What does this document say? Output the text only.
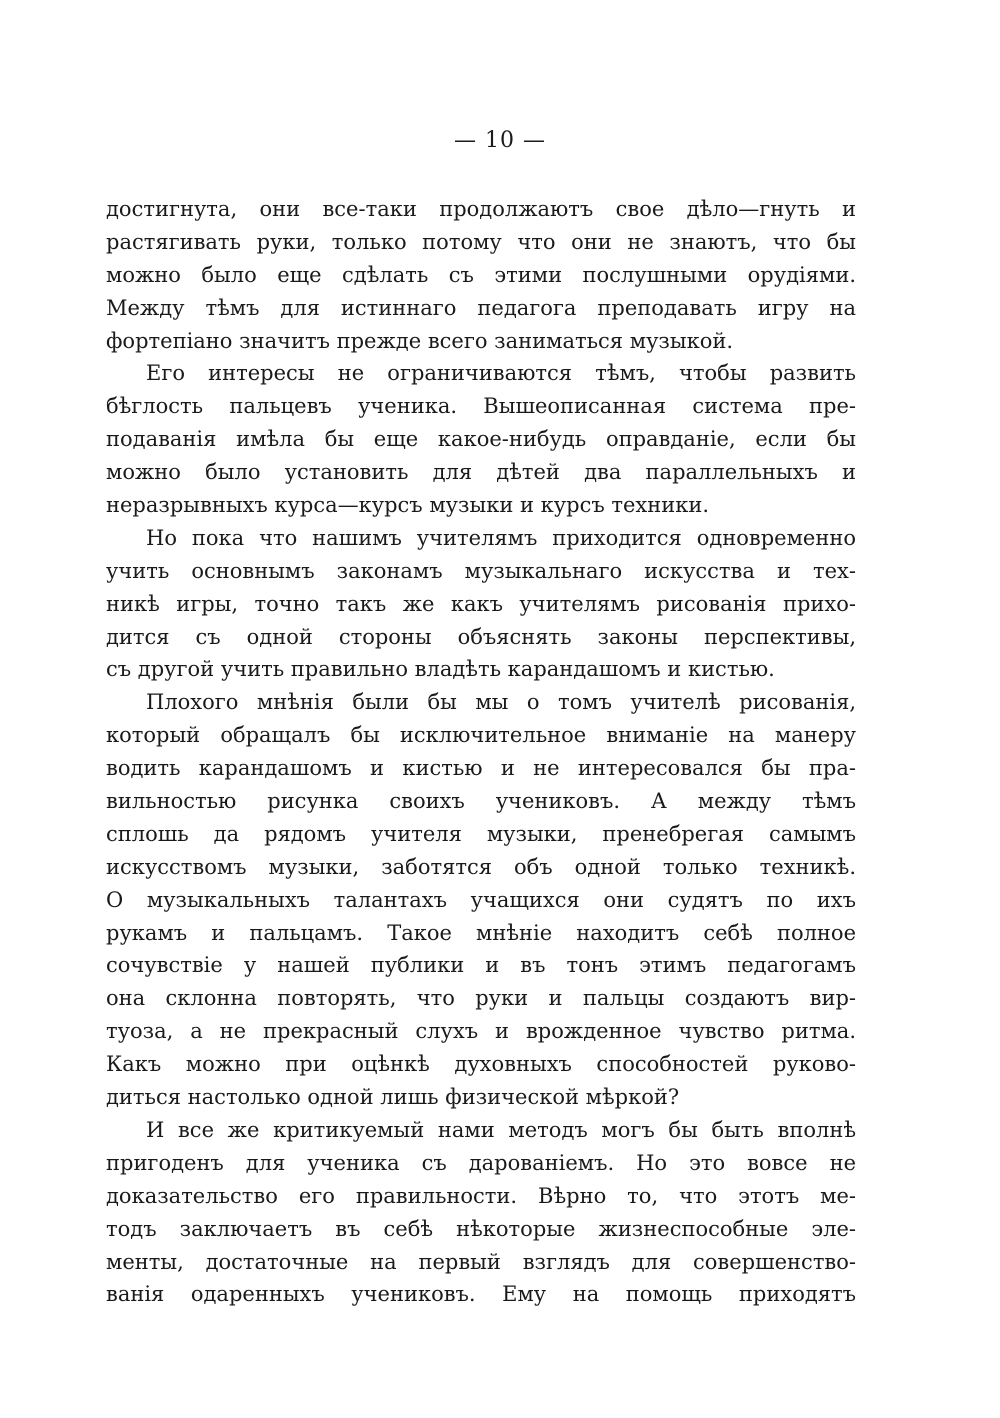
— 10 —
достигнута, они все-таки продолжаютъ свое дѣло—гнуть и
растягивать руки, только потому что они не знаютъ, что бы
можно было еще сдѣлать съ этими послушными орудіями.
Между тѣмъ для истиннаго педагога преподавать игру на
фортепіано значитъ прежде всего заниматься музыкой.
Его интересы не ограничиваются тѣмъ, чтобы развить
бѣглость пальцевъ ученика. Вышеописанная система пре-
подаванія имѣла бы еще какое-нибудь оправданіе, если бы
можно было установить для дѣтей два параллельныхъ и
неразрывныхъ курса—курсъ музыки и курсъ техники.
Но пока что нашимъ учителямъ приходится одновременно
учить основнымъ законамъ музыкальнаго искусства и тех-
никѣ игры, точно такъ же какъ учителямъ рисованія прихо-
дится съ одной стороны объяснять законы перспективы,
съ другой учить правильно владѣть карандашомъ и кистью.
Плохого мнѣнія были бы мы о томъ учителѣ рисованія,
который обращалъ бы исключительное вниманіе на манеру
водить карандашомъ и кистью и не интересовался бы пра-
вильностью рисунка своихъ учениковъ. А между тѣмъ
сплошь да рядомъ учителя музыки, пренебрегая самымъ
искусствомъ музыки, заботятся объ одной только техникѣ.
О музыкальныхъ талантахъ учащихся они судятъ по ихъ
рукамъ и пальцамъ. Такое мнѣніе находитъ себѣ полное
сочувствіе у нашей публики и въ тонъ этимъ педагогамъ
она склонна повторять, что руки и пальцы создаютъ вир-
туоза, а не прекрасный слухъ и врожденное чувство ритма.
Какъ можно при оцѣнкѣ духовныхъ способностей руково-
диться настолько одной лишь физической мѣркой?
И все же критикуемый нами методъ могъ бы быть вполнѣ
пригоденъ для ученика съ дарованіемъ. Но это вовсе не
доказательство его правильности. Вѣрно то, что этотъ ме-
тодъ заключаетъ въ себѣ нѣкоторые жизнеспособные эле-
менты, достаточные на первый взглядъ для совершенство-
ванія одаренныхъ учениковъ. Ему на помощь приходятъ
